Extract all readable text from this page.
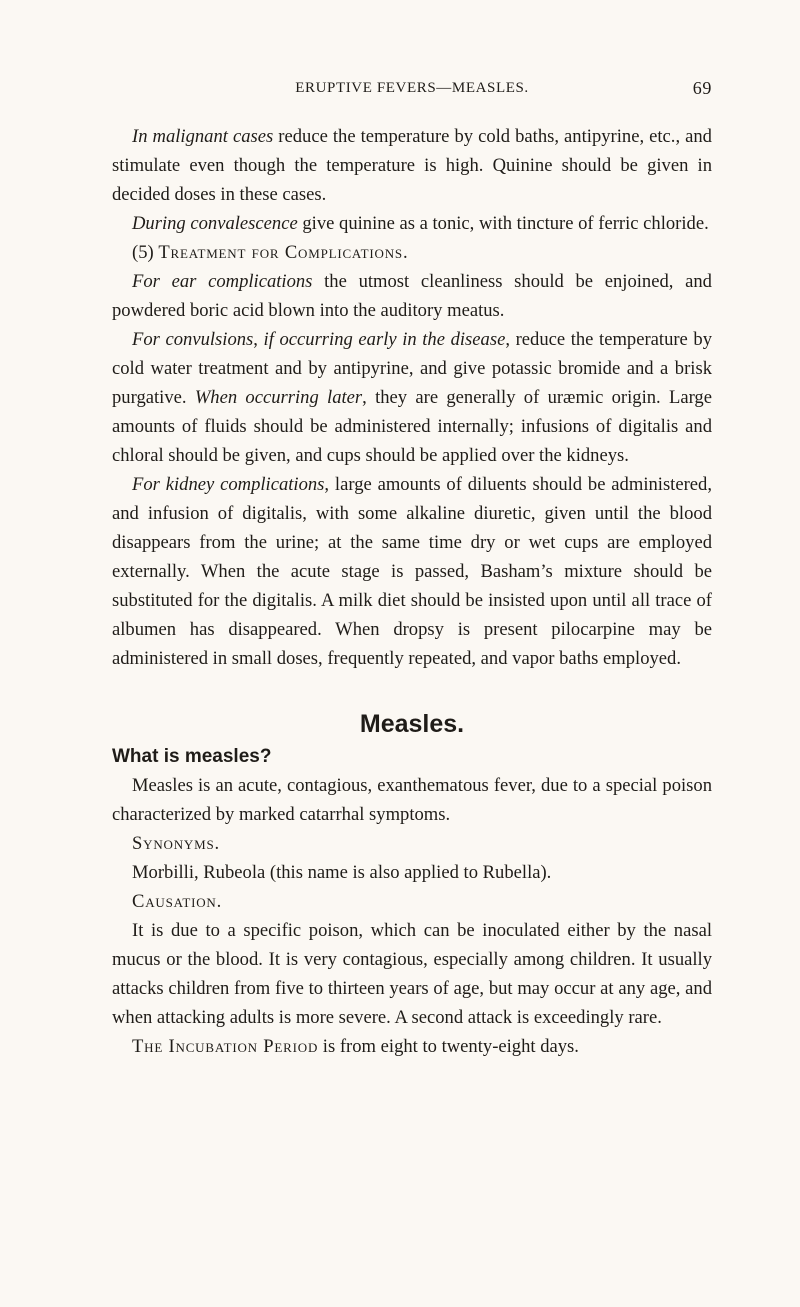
ERUPTIVE FEVERS—MEASLES.	69

In malignant cases reduce the temperature by cold baths, antipyrine, etc., and stimulate even though the temperature is high. Quinine should be given in decided doses in these cases.

During convalescence give quinine as a tonic, with tincture of ferric chloride.

(5) Treatment for Complications.

For ear complications the utmost cleanliness should be enjoined, and powdered boric acid blown into the auditory meatus.

For convulsions, if occurring early in the disease, reduce the temperature by cold water treatment and by antipyrine, and give potassic bromide and a brisk purgative. When occurring later, they are generally of uræmic origin. Large amounts of fluids should be administered internally; infusions of digitalis and chloral should be given, and cups should be applied over the kidneys.

For kidney complications, large amounts of diluents should be administered, and infusion of digitalis, with some alkaline diuretic, given until the blood disappears from the urine; at the same time dry or wet cups are employed externally. When the acute stage is passed, Basham’s mixture should be substituted for the digitalis. A milk diet should be insisted upon until all trace of albumen has disappeared. When dropsy is present pilocarpine may be administered in small doses, frequently repeated, and vapor baths employed.

Measles.
What is measles?

Measles is an acute, contagious, exanthematous fever, due to a special poison characterized by marked catarrhal symptoms.

Synonyms.

Morbilli, Rubeola (this name is also applied to Rubella).

Causation.

It is due to a specific poison, which can be inoculated either by the nasal mucus or the blood. It is very contagious, especially among children. It usually attacks children from five to thirteen years of age, but may occur at any age, and when attacking adults is more severe. A second attack is exceedingly rare.

The Incubation Period is from eight to twenty-eight days.
